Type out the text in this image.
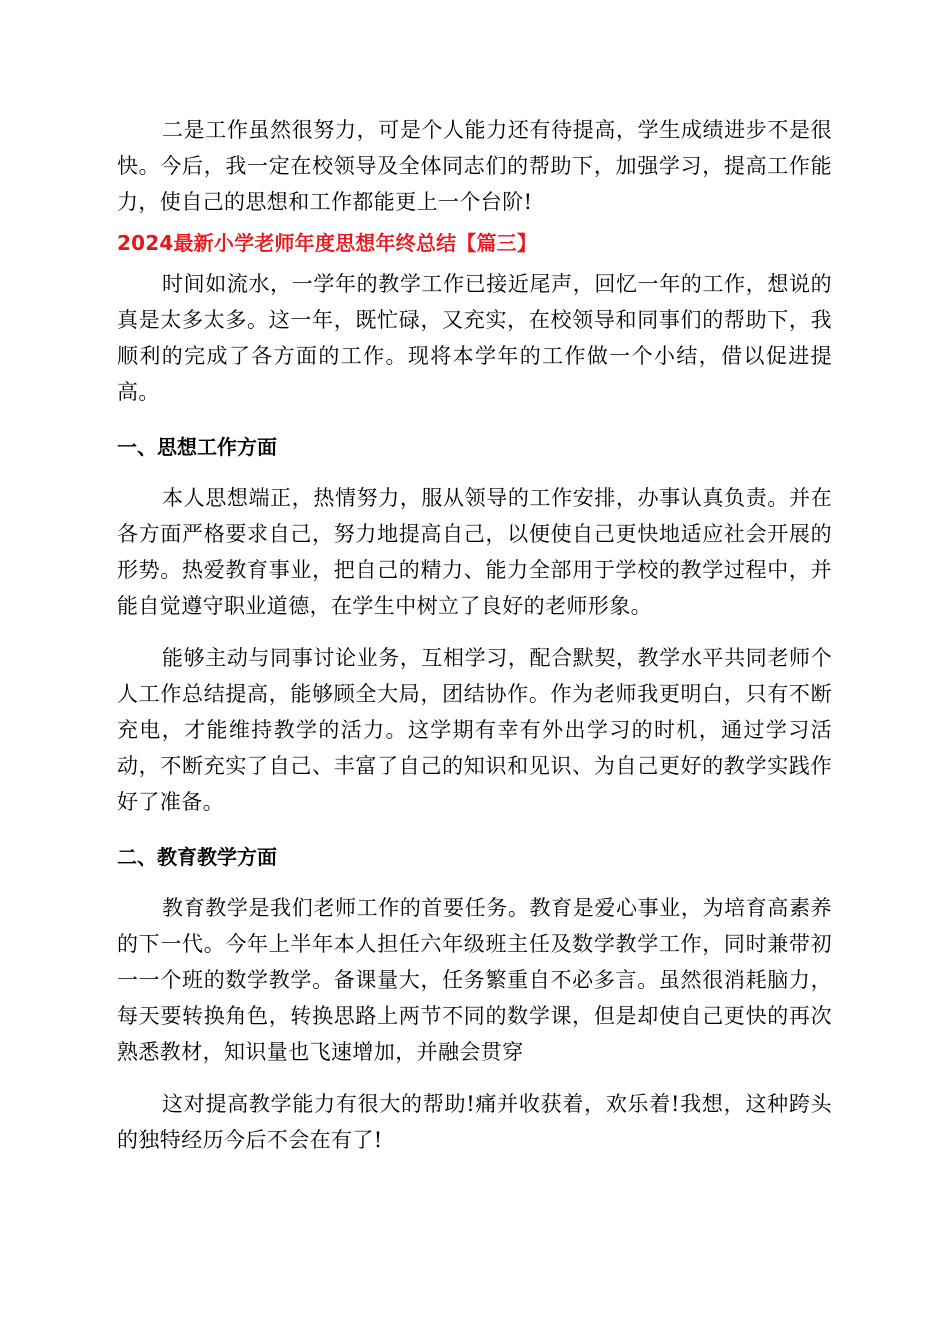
二是工作虽然很努力，可是个人能力还有待提高，学生成绩进步不是很快。今后，我一定在校领导及全体同志们的帮助下，加强学习，提高工作能力，使自己的思想和工作都能更上一个台阶!

2024最新小学老师年度思想年终总结【篇三】

时间如流水，一学年的教学工作已接近尾声，回忆一年的工作，想说的真是太多太多。这一年，既忙碌，又充实，在校领导和同事们的帮助下，我顺利的完成了各方面的工作。现将本学年的工作做一个小结，借以促进提高。

一、思想工作方面

本人思想端正，热情努力，服从领导的工作安排，办事认真负责。并在各方面严格要求自己，努力地提高自己，以便使自己更快地适应社会开展的形势。热爱教育事业，把自己的精力、能力全部用于学校的教学过程中，并能自觉遵守职业道德，在学生中树立了良好的老师形象。

能够主动与同事讨论业务，互相学习，配合默契，教学水平共同老师个人工作总结提高，能够顾全大局，团结协作。作为老师我更明白，只有不断充电，才能维持教学的活力。这学期有幸有外出学习的时机，通过学习活动，不断充实了自己、丰富了自己的知识和见识、为自己更好的教学实践作好了准备。

二、教育教学方面

教育教学是我们老师工作的首要任务。教育是爱心事业，为培育高素养的下一代。今年上半年本人担任六年级班主任及数学教学工作，同时兼带初一一个班的数学教学。备课量大，任务繁重自不必多言。虽然很消耗脑力，每天要转换角色，转换思路上两节不同的数学课，但是却使自己更快的再次熟悉教材，知识量也飞速增加，并融会贯穿

这对提高教学能力有很大的帮助!痛并收获着，欢乐着!我想，这种跨头的独特经历今后不会在有了!
